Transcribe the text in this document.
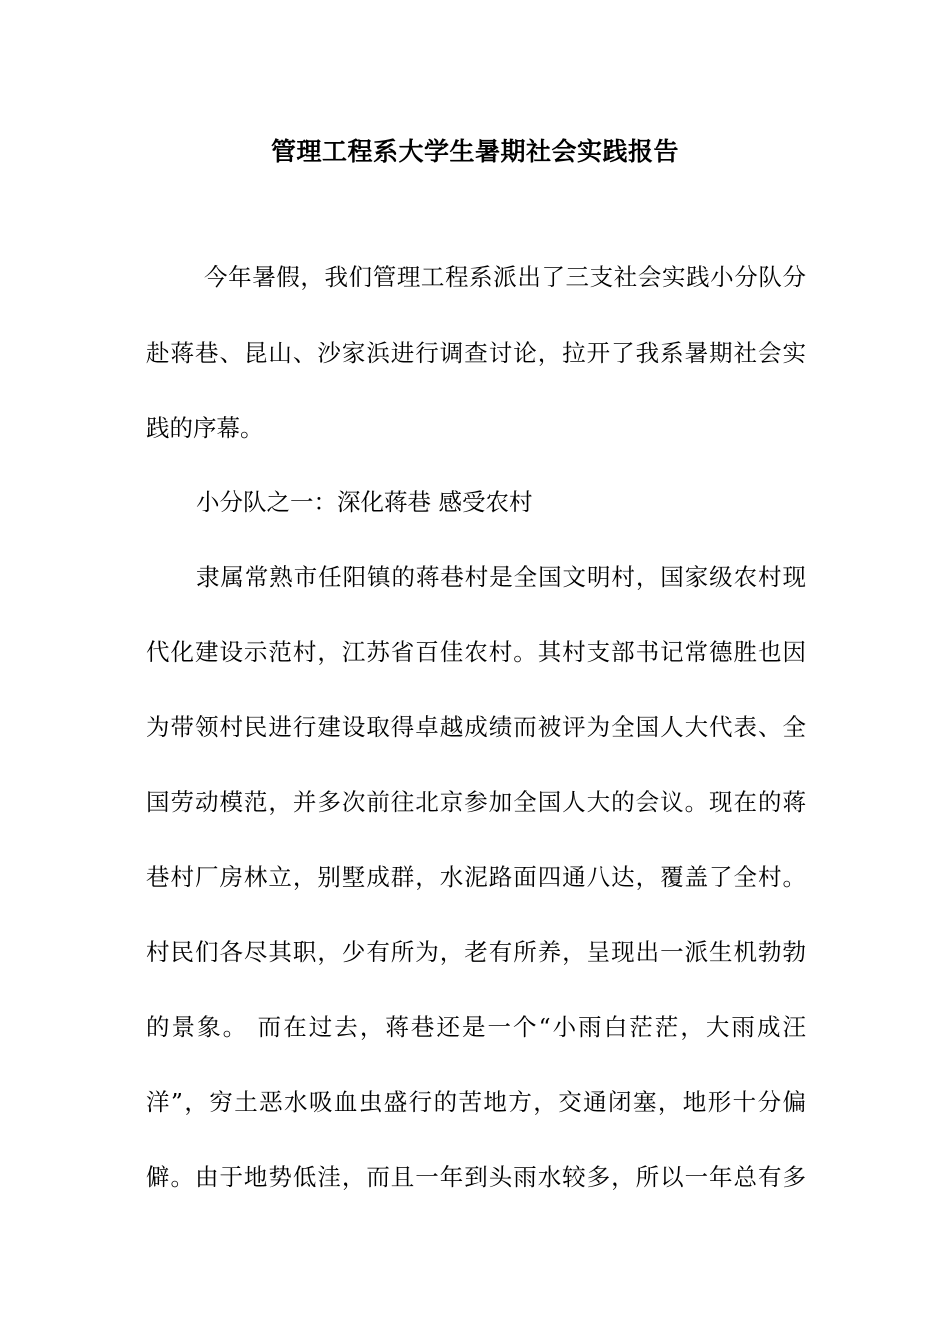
管理工程系大学生暑期社会实践报告
今年暑假，我们管理工程系派出了三支社会实践小分队分
赴蒋巷、昆山、沙家浜进行调查讨论，拉开了我系暑期社会实
践的序幕。
小分队之一：深化蒋巷 感受农村
隶属常熟市任阳镇的蒋巷村是全国文明村，国家级农村现
代化建设示范村，江苏省百佳农村。其村支部书记常德胜也因
为带领村民进行建设取得卓越成绩而被评为全国人大代表、全
国劳动模范，并多次前往北京参加全国人大的会议。现在的蒋
巷村厂房林立，别墅成群，水泥路面四通八达，覆盖了全村。
村民们各尽其职，少有所为，老有所养，呈现出一派生机勃勃
的景象。 而在过去，蒋巷还是一个“小雨白茫茫，大雨成汪
洋”，穷土恶水吸血虫盛行的苦地方，交通闭塞，地形十分偏
僻。由于地势低洼，而且一年到头雨水较多，所以一年总有多
